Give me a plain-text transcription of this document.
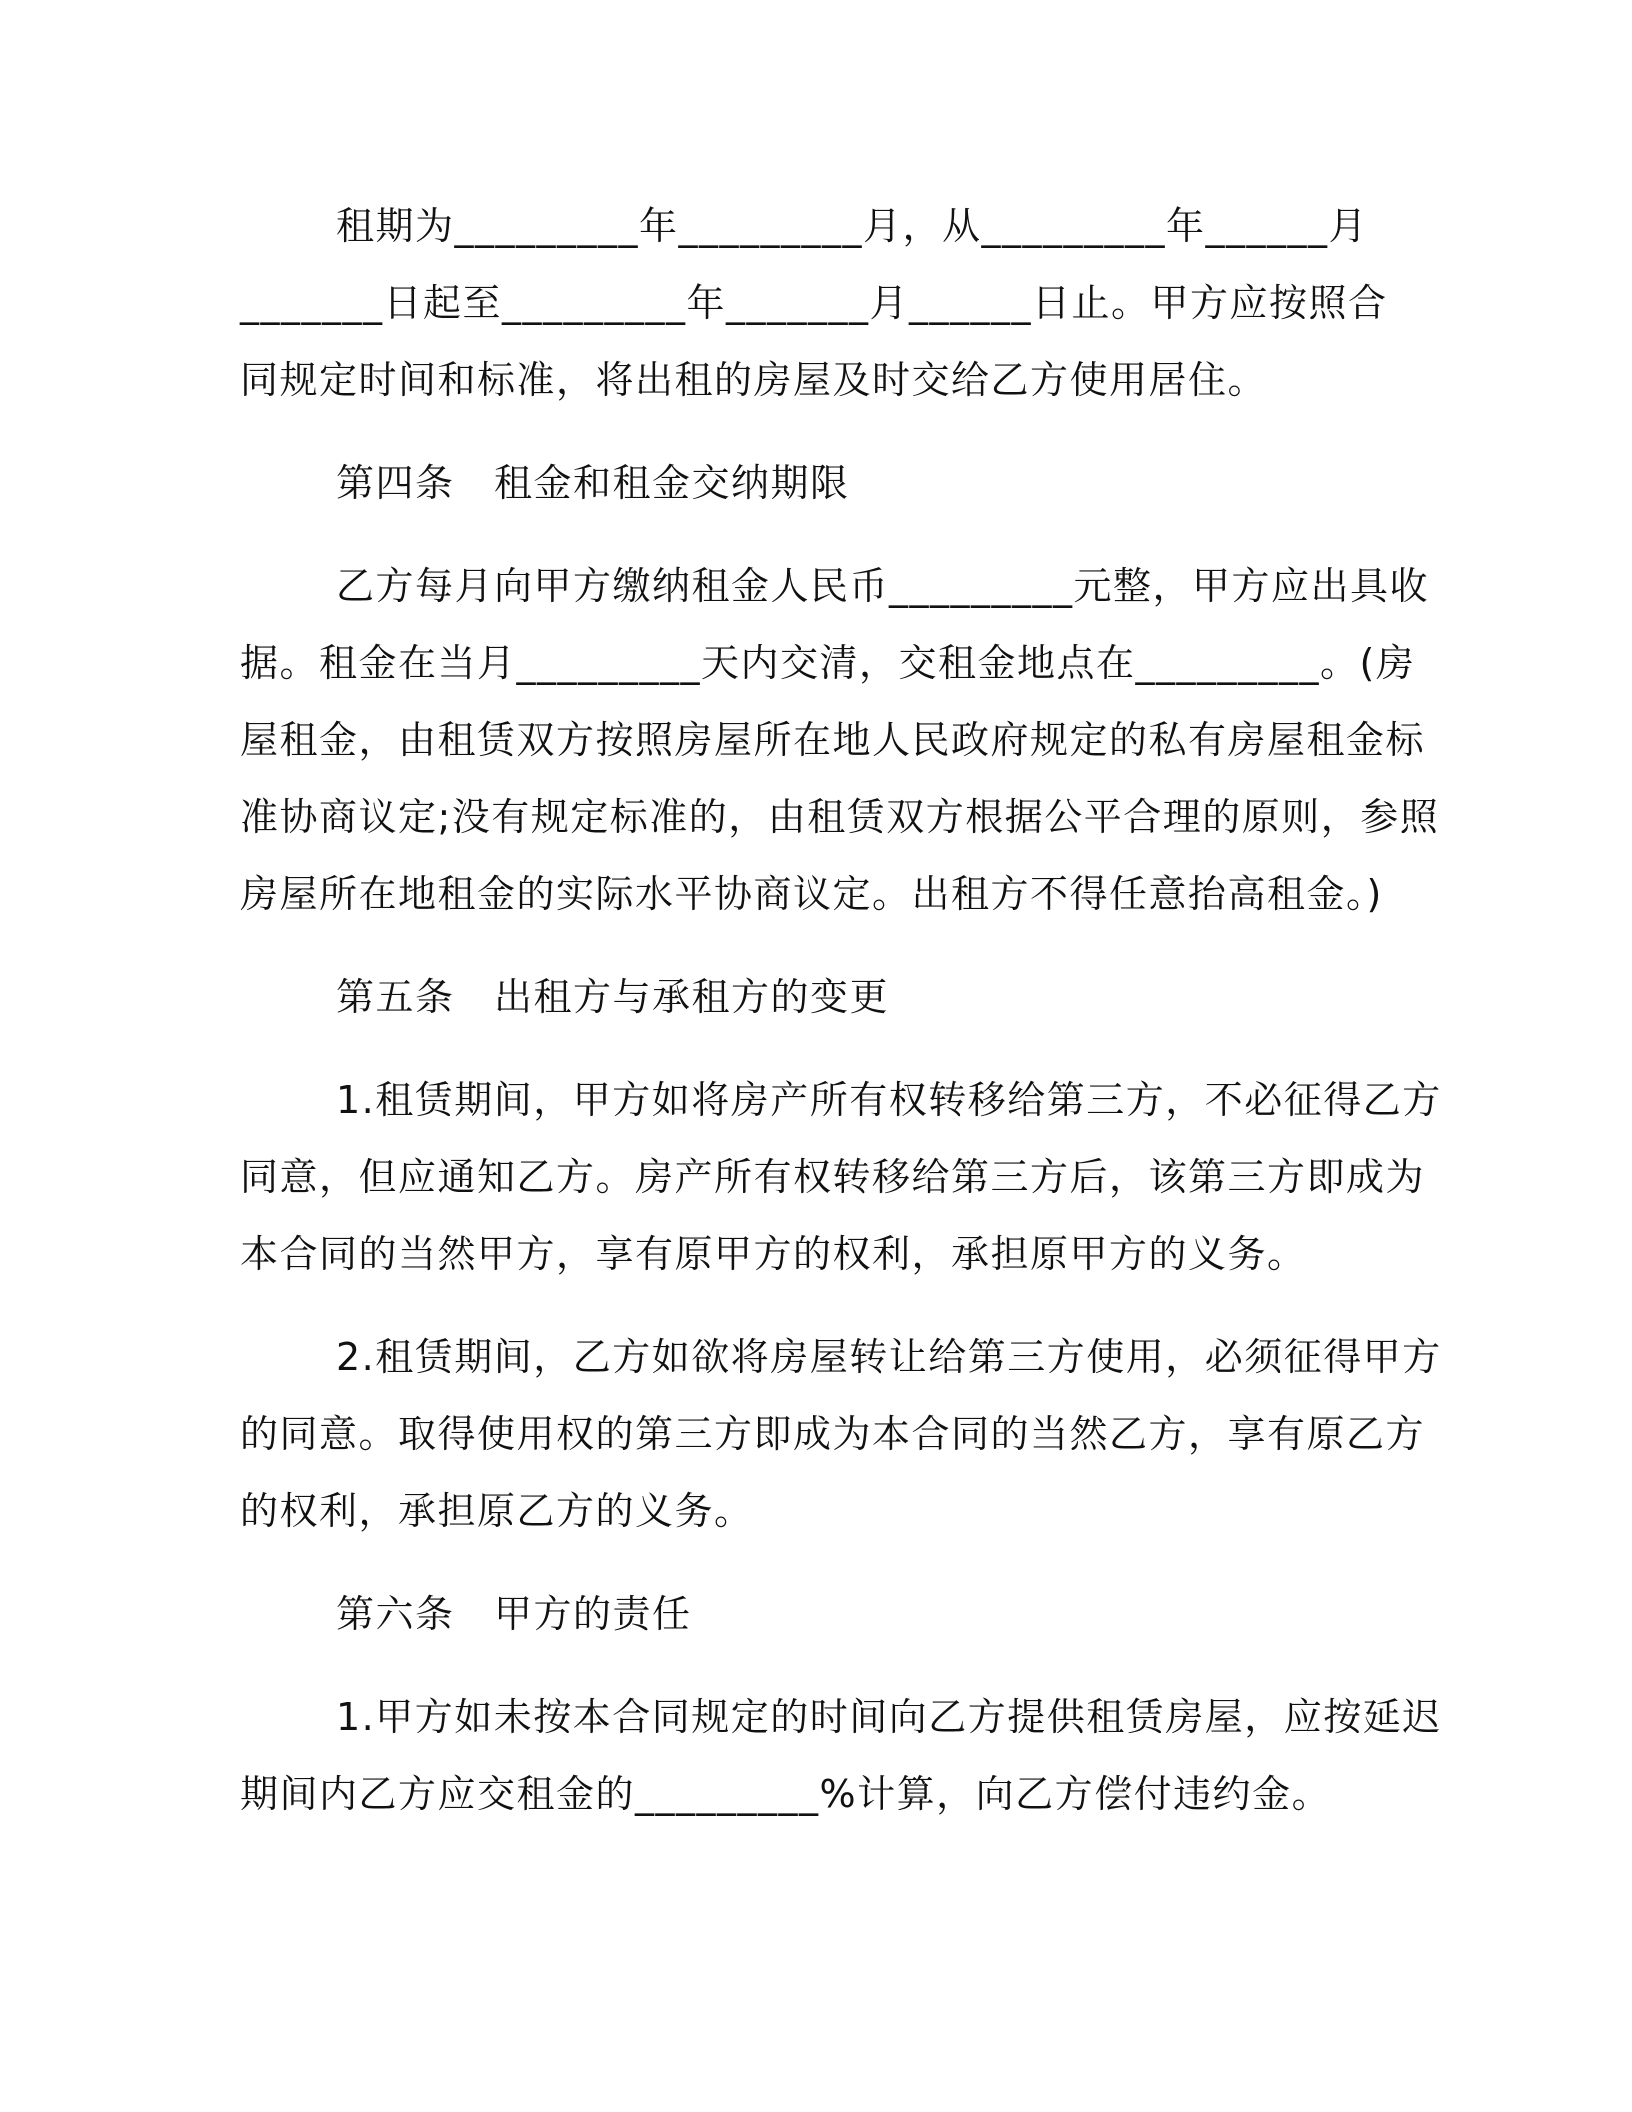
租期为_________年_________月，从_________年______月
_______日起至_________年_______月______日止。甲方应按照合
同规定时间和标准，将出租的房屋及时交给乙方使用居住。
第四条　租金和租金交纳期限
乙方每月向甲方缴纳租金人民币_________元整，甲方应出具收
据。租金在当月_________天内交清，交租金地点在_________。(房
屋租金，由租赁双方按照房屋所在地人民政府规定的私有房屋租金标
准协商议定;没有规定标准的，由租赁双方根据公平合理的原则，参照
房屋所在地租金的实际水平协商议定。出租方不得任意抬高租金。)
第五条　出租方与承租方的变更
1.租赁期间，甲方如将房产所有权转移给第三方，不必征得乙方
同意，但应通知乙方。房产所有权转移给第三方后，该第三方即成为
本合同的当然甲方，享有原甲方的权利，承担原甲方的义务。
2.租赁期间，乙方如欲将房屋转让给第三方使用，必须征得甲方
的同意。取得使用权的第三方即成为本合同的当然乙方，享有原乙方
的权利，承担原乙方的义务。
第六条　甲方的责任
1.甲方如未按本合同规定的时间向乙方提供租赁房屋，应按延迟
期间内乙方应交租金的_________%计算，向乙方偿付违约金。
